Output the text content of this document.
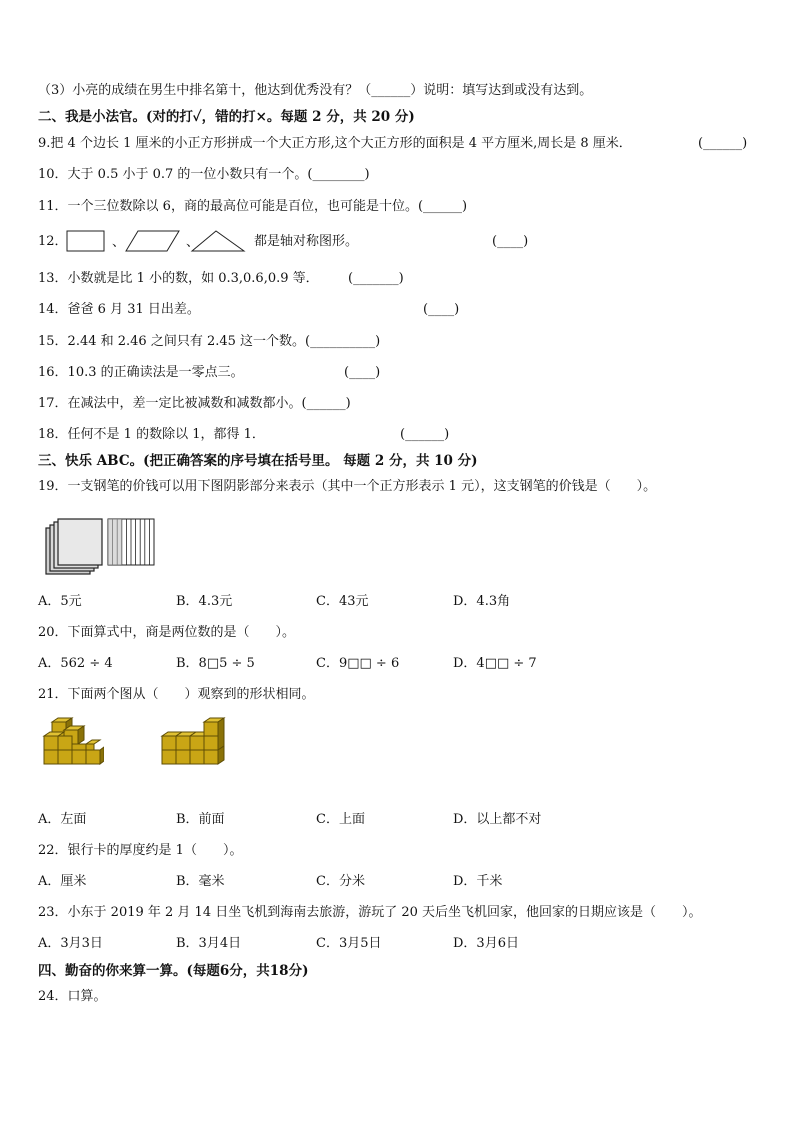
（3）小亮的成绩在男生中排名第十，他达到优秀没有？（______）说明：填写达到或没有达到。
二、我是小法官。(对的打✓，错的打×。每题 2 分，共 20 分)
9.把 4 个边长 1 厘米的小正方形拼成一个大正方形,这个大正方形的面积是 4 平方厘米,周长是 8 厘米．	(______)
10．大于 0.5 小于 0.7 的一位小数只有一个。(________)
11．一个三位数除以 6，商的最高位可能是百位，也可能是十位。(______)
12．	、	、	都是轴对称图形。	(____)
13．小数就是比 1 小的数，如 0.3,0.6,0.9 等． (_______)
14．爸爸 6 月 31 日出差。	(____)
15．2.44 和 2.46 之间只有 2.45 这一个数。(__________)
16．10.3 的正确读法是一零点三。	(____)
17．在减法中，差一定比被减数和减数都小。(______)
18．任何不是 1 的数除以 1，都得 1．	(______)
三、快乐 ABC。(把正确答案的序号填在括号里。 每题 2 分，共 10 分)
19．一支钢笔的价钱可以用下图阴影部分来表示（其中一个正方形表示 1 元），这支钢笔的价钱是（　　）。
A．5元	B．4.3元	C．43元	D．4.3角
20．下面算式中，商是两位数的是（　　）。
A．562 ÷ 4	B．8□5 ÷ 5	C．9□□ ÷ 6	D．4□□ ÷ 7
21．下面两个图从（　　）观察到的形状相同。
A．左面	B．前面	C．上面	D．以上都不对
22．银行卡的厚度约是 1（　　）。
A．厘米	B．毫米	C．分米	D．千米
23．小东于 2019 年 2 月 14 日坐飞机到海南去旅游，游玩了 20 天后坐飞机回家，他回家的日期应该是（　　）。
A．3月3日	B．3月4日	C．3月5日	D．3月6日
四、勤奋的你来算一算。(每题6分，共18分)
24．口算。
